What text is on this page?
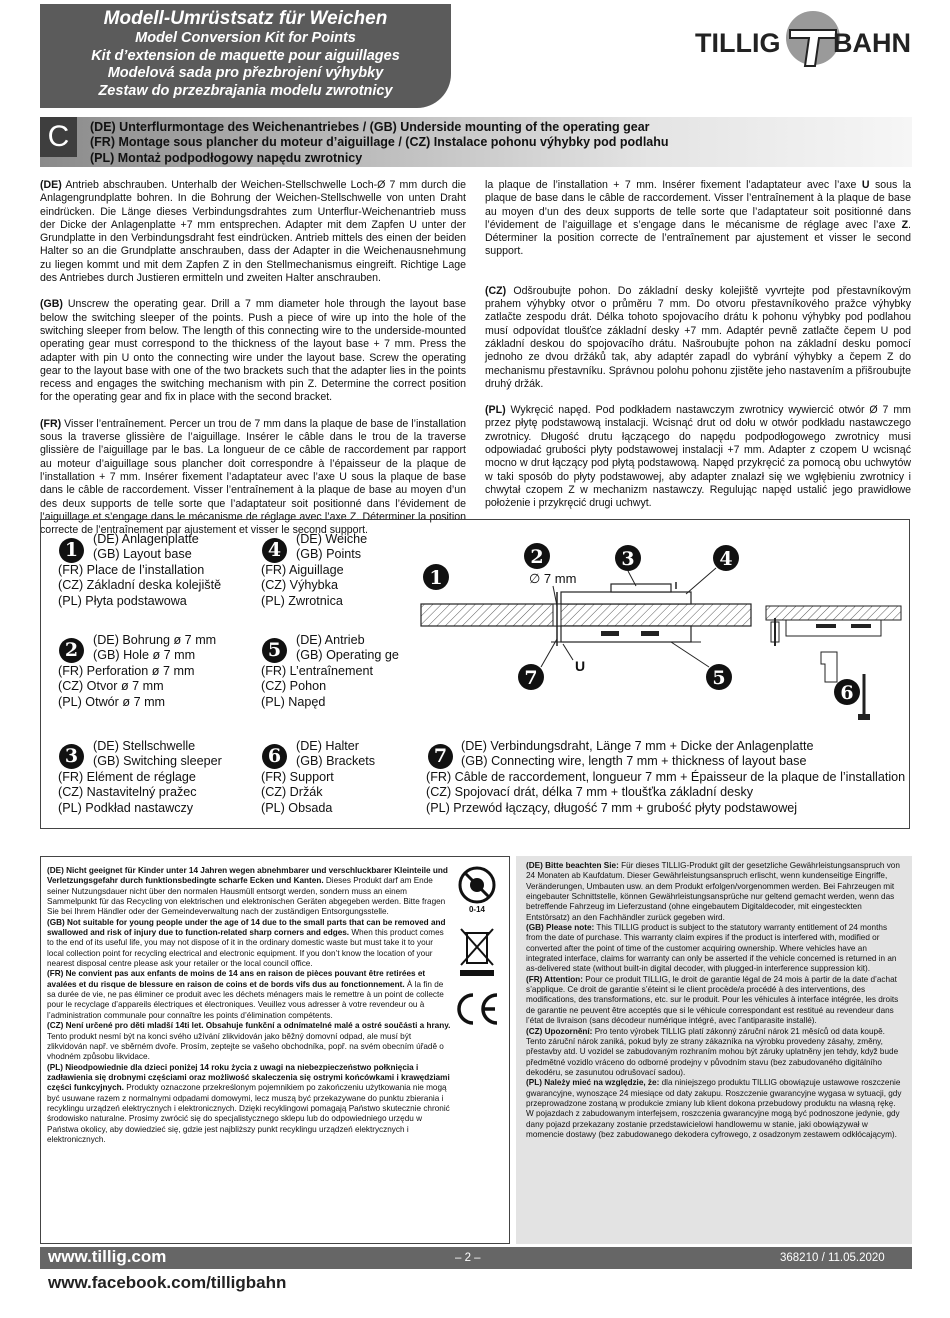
Modell-Umrüstsatz für Weichen
Model Conversion Kit for Points
Kit d’extension de maquette pour aiguillages
Modelová sada pro přezbrojení výhybky
Zestaw do przezbrajania modelu zwrotnicy
TILLIG BAHN
C	(DE) Unterflurmontage des Weichenantriebes / (GB) Underside mounting of the operating gear
(FR) Montage sous plancher du moteur d’aiguillage / (CZ) Instalace pohonu výhybky pod podlahu
(PL) Montaż podpodłogowy napędu zwrotnicy

(DE) Antrieb abschrauben. Unterhalb der Weichen-Stellschwelle Loch-Ø 7 mm durch die Anlagengrundplatte bohren. In die Bohrung der Weichen-Stellschwelle von unten Draht eindrücken. Die Länge dieses Verbindungsdrahtes zum Unterflur-Weichenantrieb muss der Dicke der Anlagenplatte +7 mm entsprechen. Adapter mit dem Zapfen U unter der Grundplatte in den Verbindungsdraht fest eindrücken. Antrieb mittels des einen der beiden Halter so an die Grundplatte anschrauben, dass der Adapter in die Weichenausnehmung zu liegen kommt und mit dem Zapfen Z in den Stellmechanismus eingreift. Richtige Lage des Antriebes durch Justieren ermitteln und zweiten Halter anschrauben.

(GB) Unscrew the operating gear. Drill a 7 mm diameter hole through the layout base below the switching sleeper of the points. Push a piece of wire up into the hole of the switching sleeper from below. The length of this connecting wire to the underside-mounted operating gear must correspond to the thickness of the layout base + 7 mm. Press the adapter with pin U onto the connecting wire under the layout base. Screw the operating gear to the layout base with one of the two brackets such that the adapter lies in the points recess and engages the switching mechanism with pin Z. Determine the correct position for the operating gear and fix in place with the second bracket.

(FR) Visser l’entraînement. Percer un trou de 7 mm dans la plaque de base de l’installation sous la traverse glissière de l’aiguillage. Insérer le câble dans le trou de la traverse glissière de l’aiguillage par le bas. La longueur de ce câble de raccordement par rapport au moteur d’aiguillage sous plancher doit correspondre à l’épaisseur de la plaque de l’installation + 7 mm. Insérer fixement l’adaptateur avec l’axe U sous la plaque de base dans le câble de raccordement. Visser l’entraînement à la plaque de base au moyen d’un des deux supports de telle sorte que l’adaptateur soit positionné dans l’évidement de l’aiguillage et s’engage dans le mécanisme de réglage avec l’axe Z. Déterminer la position correcte de l’entraînement par ajustement et visser le second support.

la plaque de l’installation + 7 mm. Insérer fixement l’adaptateur avec l’axe U sous la plaque de base dans le câble de raccordement. Visser l’entraînement à la plaque de base au moyen d’un des deux supports de telle sorte que l’adaptateur soit positionné dans l’évidement de l’aiguillage et s’engage dans le mécanisme de réglage avec l’axe Z. Déterminer la position correcte de l’entraînement par ajustement et visser le second support.

(CZ) Odšroubujte pohon. Do základní desky kolejiště vyvrtejte pod přestavníkovým prahem výhybky otvor o průměru 7 mm. Do otvoru přestavníkového pražce výhybky zatlačte zespodu drát. Délka tohoto spojovacího drátu k pohonu výhybky pod podlahou musí odpovídat tloušťce základní desky +7 mm. Adaptér pevně zatlačte čepem U pod základní deskou do spojovacího drátu. Našroubujte pohon na základní desku pomocí jednoho ze dvou držáků tak, aby adaptér zapadl do vybrání výhybky a čepem Z do mechanismu přestavníku. Správnou polohu pohonu zjistěte jeho nastavením a přišroubujte druhý držák.

(PL) Wykręcić napęd. Pod podkładem nastawczym zwrotnicy wywiercić otwór Ø 7 mm przez płytę podstawową instalacji. Wcisnąć drut od dołu w otwór podkładu nastawczego zwrotnicy. Długość drutu łączącego do napędu podpodłogowego zwrotnicy musi odpowiadać grubości płyty podstawowej instalacji +7 mm. Adapter z czopem U wcisnąć mocno w drut łączący pod płytą podstawową. Napęd przykręcić za pomocą obu uchwytów w taki sposób do płyty podstawowej, aby adapter znalazł się we wgłębieniu zwrotnicy i chwytał czopem Z w mechanizm nastawczy. Regulując napęd ustalić jego prawidłowe położenie i przykręcić drugi uchwyt.

1	(DE) Anlagenplatte
(GB) Layout base
(FR) Place de l’installation
(CZ) Základní deska kolejiště
(PL) Płyta podstawowa
2	(DE) Bohrung ø 7 mm
(GB) Hole ø 7 mm
(FR) Perforation ø 7 mm
(CZ) Otvor ø 7 mm
(PL) Otwór ø 7 mm
3	(DE) Stellschwelle
(GB) Switching sleeper
(FR) Elément de réglage
(CZ) Nastavitelný pražec
(PL) Podkład nastawczy
4	(DE) Weiche
(GB) Points
(FR) Aiguillage
(CZ) Výhybka
(PL) Zwrotnica
5	(DE) Antrieb
(GB) Operating ge
(FR) L’entraînement
(CZ) Pohon
(PL) Napęd
6	(DE) Halter
(GB) Brackets
(FR) Support
(CZ) Držák
(PL) Obsada
7	(DE) Verbindungsdraht, Länge 7 mm + Dicke der Anlagenplatte
(GB) Connecting wire, length 7 mm + thickness of layout base
(FR) Câble de raccordement, longueur 7 mm + Épaisseur de la plaque de l’installation
(CZ) Spojovací drát, délka 7 mm + tloušťka základní desky
(PL) Przewód łączący, długość 7 mm + grubość płyty podstawowej
1
2
∅ 7 mm
3	4
5
7
U
6

(DE) Nicht geeignet für Kinder unter 14 Jahren wegen abnehmbarer und verschluckbarer Kleinteile und Verletzungsgefahr durch funktionsbedingte scharfe Ecken und Kanten. Dieses Produkt darf am Ende seiner Nutzungsdauer nicht über den normalen Hausmüll entsorgt werden, sondern muss an einem Sammelpunkt für das Recycling von elektrischen und elektronischen Geräten abgegeben werden. Bitte fragen Sie bei Ihrem Händler oder der Gemeindeverwaltung nach der zuständigen Entsorgungsstelle.

(GB) Not suitable for young people under the age of 14 due to the small parts that can be removed and swallowed and risk of injury due to function-related sharp corners and edges. When this product comes to the end of its useful life, you may not dispose of it in the ordinary domestic waste but must take it to your local collection point for recycling electrical and electronic equipment. If you don’t know the location of your nearest disposal centre please ask your retailer or the local council office.

(FR) Ne convient pas aux enfants de moins de 14 ans en raison de pièces pouvant être retirées et avalées et du risque de blessure en raison de coins et de bords vifs dus au fonctionnement. À la fin de sa durée de vie, ne pas éliminer ce produit avec les déchets ménagers mais le remettre à un point de collecte pour le recyclage d’appareils électriques et électroniques. Veuillez vous adresser à votre revendeur ou à l’administration communale pour connaître les points d’élimination compétents.

(CZ) Není určené pro děti mladší 14ti let. Obsahuje funkční a odnímatelné malé a ostré součásti a hrany. Tento produkt nesmí být na konci svého užívání zlikvidován jako běžný domovní odpad, ale musí být zlikvidován např. ve sběrném dvoře. Prosím, zeptejte se vašeho obchodníka, popř. na svém obecním úřadě o vhodném způsobu likvidace.

(PL) Nieodpowiednie dla dzieci poniżej 14 roku życia z uwagi na niebezpieczeństwo połknięcia i zadławienia się drobnymi częściami oraz możliwość skaleczenia się ostrymi końcówkami i krawędziami części funkcyjnych. Produkty oznaczone przekreślonym pojemnikiem po zakończeniu użytkowania nie mogą być usuwane razem z normalnymi odpadami domowymi, lecz muszą być przekazywane do punktu zbierania i recyklingu urządzeń elektrycznych i elektronicznych. Dzięki recyklingowi pomagają Państwo skutecznie chronić środowisko naturalne. Prosimy zwrócić się do specjalistycznego sklepu lub do odpowiedniego urzędu w Państwa okolicy, aby dowiedzieć się, gdzie jest najbliższy punkt recyklingu urządzeń elektrycznych i elektronicznych.

0-14

(DE) Bitte beachten Sie: Für dieses TILLIG-Produkt gilt der gesetzliche Gewährleistungsanspruch von 24 Monaten ab Kaufdatum. Dieser Gewährleistungsanspruch erlischt, wenn kundenseitige Eingriffe, Veränderungen, Umbauten usw. an dem Produkt erfolgen/vorgenommen werden. Bei Fahrzeugen mit eingebauter Schnittstelle, können Gewährleistungsansprüche nur geltend gemacht werden, wenn das betreffende Fahrzeug im Lieferzustand (ohne eingebautem Digitaldecoder, mit eingesteckten Entstörsatz) an den Fachhändler zurück gegeben wird.

(GB) Please note: This TILLIG product is subject to the statutory warranty entitlement of 24 months from the date of purchase. This warranty claim expires if the product is interfered with, modified or converted after the point of time of the customer acquiring ownership. Where vehicles have an integrated interface, claims for warranty can only be asserted if the vehicle concerned is returned in an as-delivered state (without built-in digital decoder, with plugged-in interference suppression kit).

(FR) Attention: Pour ce produit TILLIG, le droit de garantie légal de 24 mois à partir de la date d’achat s’applique. Ce droit de garantie s’éteint si le client procède/a procédé à des interventions, des modifications, des transformations, etc. sur le produit. Pour les véhicules à interface intégrée, les droits de garantie ne peuvent être acceptés que si le véhicule correspondant est restitué au revendeur dans l’état de livraison (sans décodeur numérique intégré, avec l’antiparasite installé).

(CZ) Upozornění: Pro tento výrobek TILLIG platí zákonný záruční nárok 21 měsíců od data koupě. Tento záruční nárok zaniká, pokud byly ze strany zákazníka na výrobku provedeny zásahy, změny, přestavby atd. U vozidel se zabudovaným rozhraním mohou být záruky uplatněny jen tehdy, když bude předmětné vozidlo vráceno do odborné prodejny v původním stavu (bez zabudovaného digitálního dekodéru, se zasunutou odrušovací sadou).

(PL) Należy mieć na względzie, że: dla niniejszego produktu TILLIG obowiązuje ustawowe roszczenie gwarancyjne, wynoszące 24 miesiące od daty zakupu. Roszczenie gwarancyjne wygasa w sytuacji, gdy przeprowadzone zostaną w produkcie zmiany lub klient dokona przebudowy produktu na własną rękę. W pojazdach z zabudowanym interfejsem, roszczenia gwarancyjne mogą być podnoszone jedynie, gdy dany pojazd przekazany zostanie przedstawicielowi handlowemu w stanie, jaki obowiązywał w momencie dostawy (bez zabudowanego dekodera cyfrowego, z osadzonym zestawem odkłócającym).

www.tillig.com	– 2 –	368210 / 11.05.2020
www.facebook.com/tilligbahn
